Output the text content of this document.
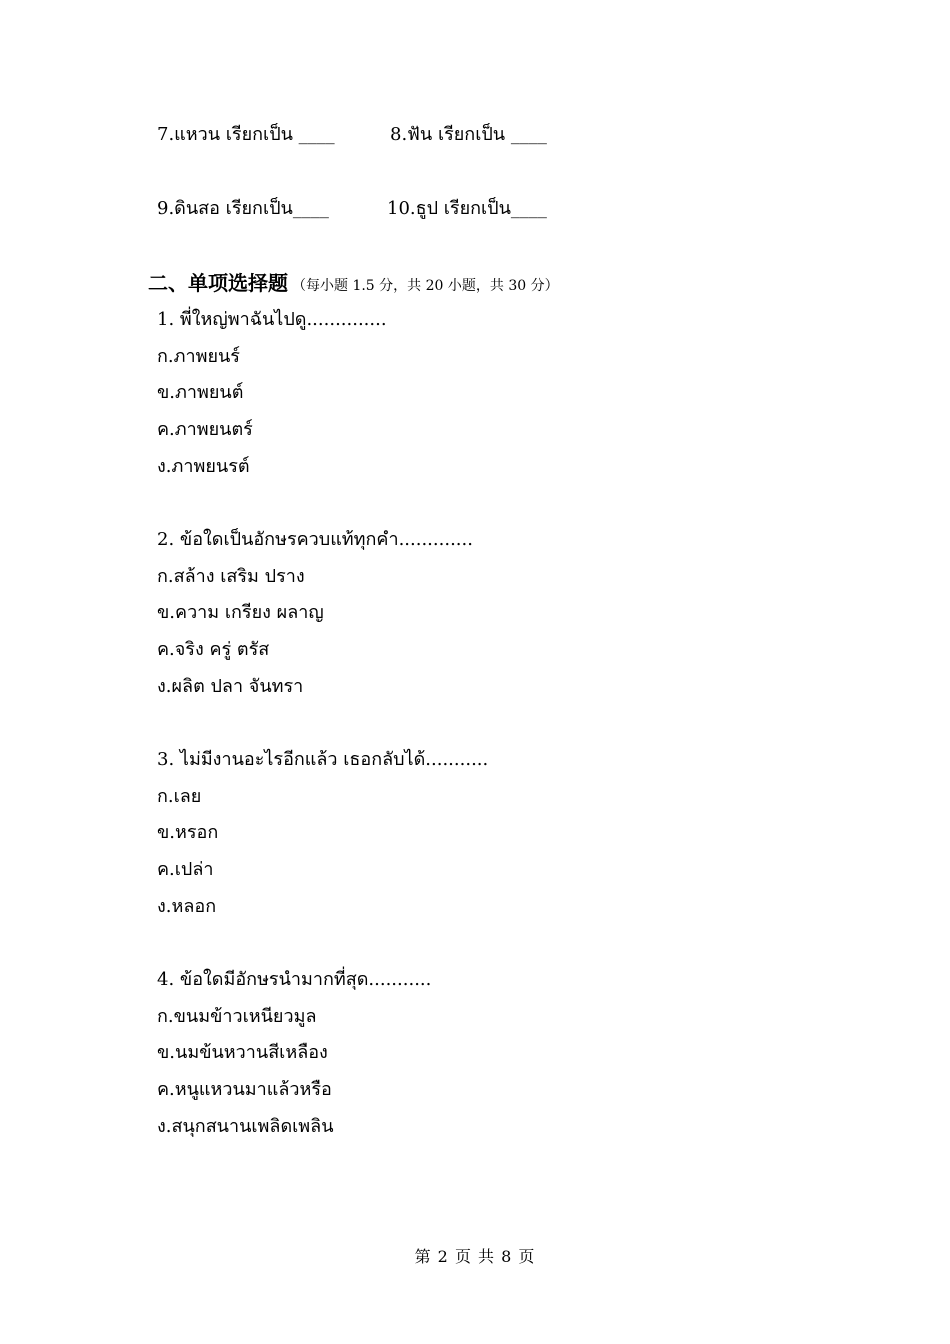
7.แหวน เรียกเป็น ____	8.ฟัน เรียกเป็น ____
9.ดินสอ เรียกเป็น____	10.ธูป เรียกเป็น____
二、单项选择题 （每小题 1.5 分，共 20 小题，共 30 分）
1. พี่ใหญ่พาฉันไปดู..............
ก.ภาพยนร์
ข.ภาพยนต์
ค.ภาพยนตร์
ง.ภาพยนรต์
2. ข้อใดเป็นอักษรควบแท้ทุกคำ.............
ก.สล้าง เสริม ปราง
ข.ความ เกรียง ผลาญ
ค.จริง ครู่ ตรัส
ง.ผลิต ปลา จันทรา
3. ไม่มีงานอะไรอีกแล้ว เธอกลับได้...........
ก.เลย
ข.หรอก
ค.เปล่า
ง.หลอก
4. ข้อใดมีอักษรนำมากที่สุด...........
ก.ขนมข้าวเหนียวมูล
ข.นมข้นหวานสีเหลือง
ค.หนูแหวนมาแล้วหรือ
ง.สนุกสนานเพลิดเพลิน
第 2 页 共 8 页
